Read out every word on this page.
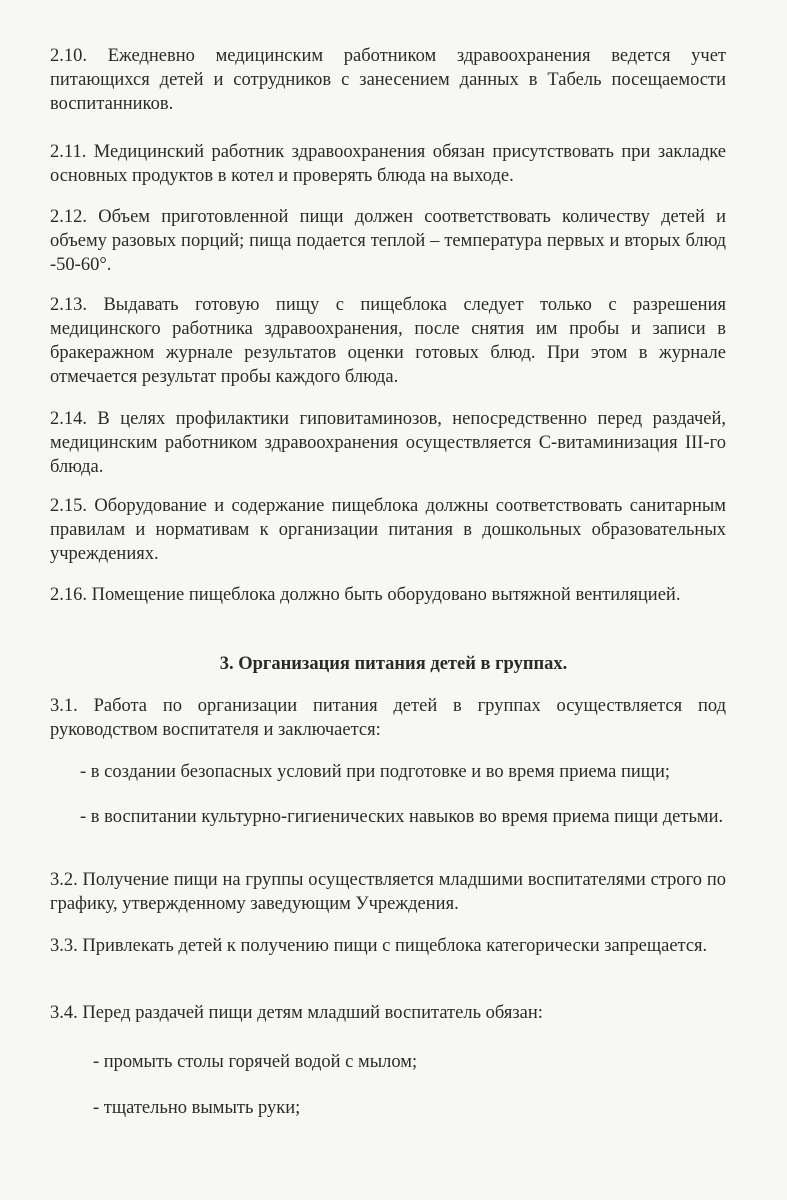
2.10. Ежедневно медицинским работником здравоохранения ведется учет питающихся детей и сотрудников с занесением данных в Табель посещаемости воспитанников.
2.11. Медицинский работник здравоохранения обязан присутствовать при закладке основных продуктов в котел и проверять блюда на выходе.
2.12. Объем приготовленной пищи должен соответствовать количеству детей и объему разовых порций; пища подается теплой – температура первых и вторых блюд -50-60°.
2.13. Выдавать готовую пищу с пищеблока следует только с разрешения медицинского работника здравоохранения, после снятия им пробы и записи в бракеражном журнале результатов оценки готовых блюд. При этом в журнале отмечается результат пробы каждого блюда.
2.14. В целях профилактики гиповитаминозов, непосредственно перед раздачей, медицинским работником здравоохранения осуществляется С-витаминизация III-го блюда.
2.15. Оборудование и содержание пищеблока должны соответствовать санитарным правилам и нормативам к организации питания в дошкольных образовательных учреждениях.
2.16. Помещение пищеблока должно быть оборудовано вытяжной вентиляцией.
3. Организация питания детей в группах.
3.1. Работа по организации питания детей в группах осуществляется под руководством воспитателя и заключается:
- в создании безопасных условий при подготовке и во время приема пищи;
- в воспитании культурно-гигиенических навыков во время приема пищи детьми.
3.2. Получение пищи на группы осуществляется младшими воспитателями строго по графику, утвержденному заведующим Учреждения.
3.3. Привлекать детей к получению пищи с пищеблока категорически запрещается.
3.4. Перед раздачей пищи детям младший воспитатель обязан:
- промыть столы горячей водой с мылом;
- тщательно вымыть руки;
